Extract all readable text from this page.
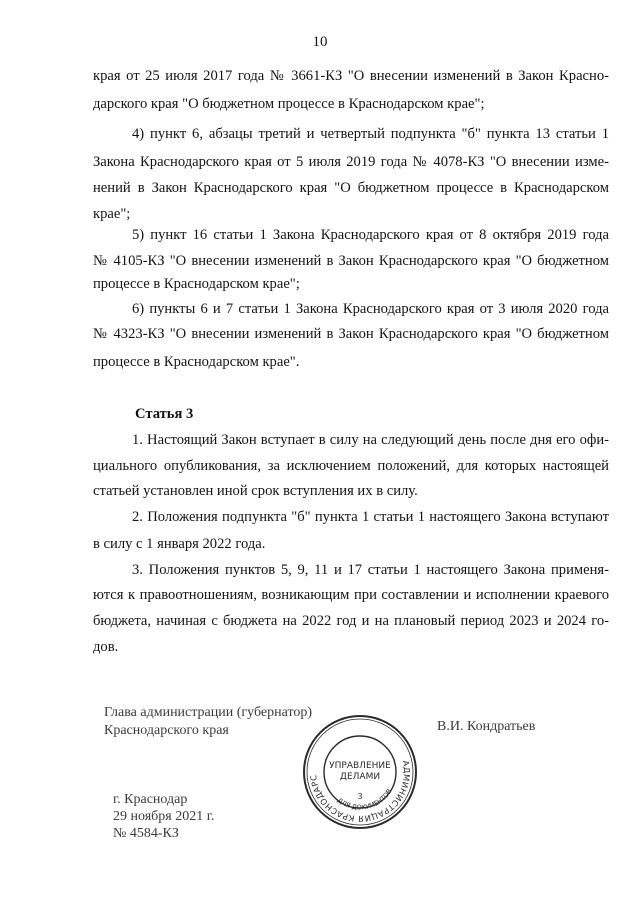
10
края от 25 июля 2017 года № 3661-КЗ "О внесении изменений в Закон Красно-
дарского края "О бюджетном процессе в Краснодарском крае";
4) пункт 6, абзацы третий и четвертый подпункта "б" пункта 13 статьи 1
Закона Краснодарского края от 5 июля 2019 года № 4078-КЗ "О внесении изме-
нений в Закон Краснодарского края "О бюджетном процессе в Краснодарском
крае";
5) пункт 16 статьи 1 Закона Краснодарского края от 8 октября 2019 года
№ 4105-КЗ "О внесении изменений в Закон Краснодарского края "О бюджетном
процессе в Краснодарском крае";
6) пункты 6 и 7 статьи 1 Закона Краснодарского края от 3 июля 2020 года
№ 4323-КЗ "О внесении изменений в Закон Краснодарского края "О бюджетном
процессе в Краснодарском крае".
Статья 3
1. Настоящий Закон вступает в силу на следующий день после дня его офи-
циального опубликования, за исключением положений, для которых настоящей
статьей установлен иной срок вступления их в силу.
2. Положения подпункта "б" пункта 1 статьи 1 настоящего Закона вступают
в силу с 1 января 2022 года.
3. Положения пунктов 5, 9, 11 и 17 статьи 1 настоящего Закона применя-
ются к правоотношениям, возникающим при составлении и исполнении краевого
бюджета, начиная с бюджета на 2022 год и на плановый период 2023 и 2024 го-
дов.
Глава администрации (губернатор)
Краснодарского края	В.И. Кондратьев
г. Краснодар
29 ноября 2021 г.
№ 4584-КЗ
АДМИНИСТРАЦИЯ КРАСНОДАРС
УПРАВЛЕНИЕ
ДЕЛАМИ
3
ДЛЯ ДОКУМЕНТОВ
